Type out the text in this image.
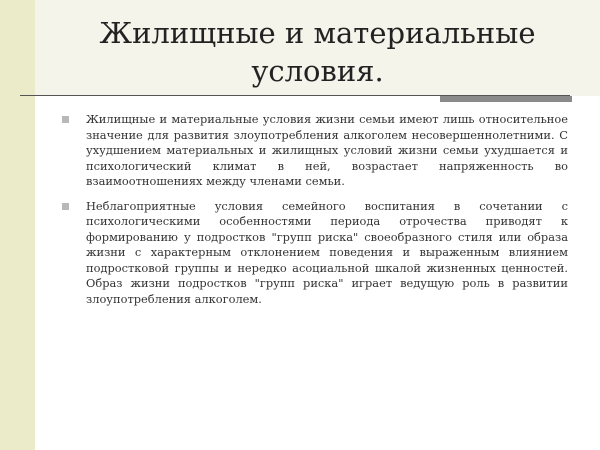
Жилищные и материальные
условия.
Жилищные и материальные условия жизни семьи имеют лишь относительное значение для развития злоупотребления алкоголем несовершеннолетними. С ухудшением материальных и жилищных условий жизни семьи ухудшается и психологический климат в ней, возрастает напряженность во взаимоотношениях между членами семьи.
Неблагоприятные условия семейного воспитания в сочетании с психологическими особенностями периода отрочества приводят к формированию у подростков "групп риска" своеобразного стиля или образа жизни с характерным отклонением поведения и выраженным влиянием подростковой группы и нередко асоциальной шкалой жизненных ценностей. Образ жизни подростков "групп риска" играет ведущую роль в развитии злоупотребления алкоголем.
